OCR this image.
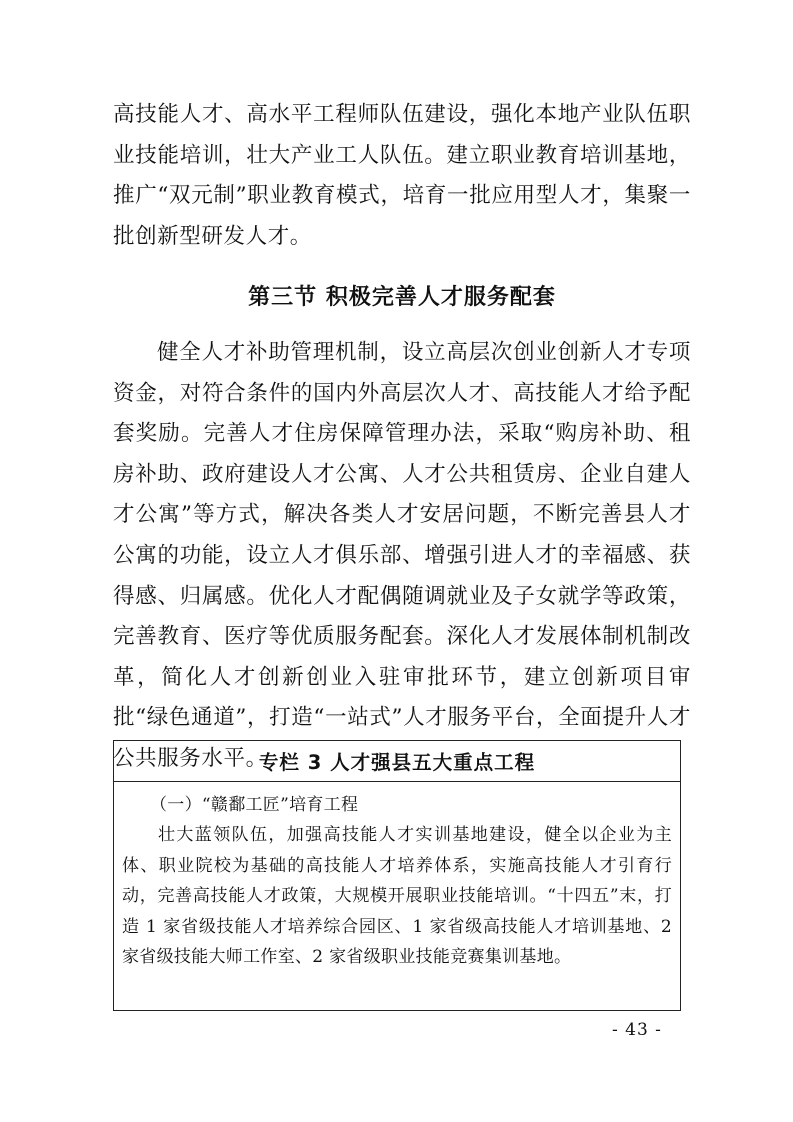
高技能人才、高水平工程师队伍建设，强化本地产业队伍职业技能培训，壮大产业工人队伍。建立职业教育培训基地，推广“双元制”职业教育模式，培育一批应用型人才，集聚一批创新型研发人才。

第三节 积极完善人才服务配套

健全人才补助管理机制，设立高层次创业创新人才专项资金，对符合条件的国内外高层次人才、高技能人才给予配套奖励。完善人才住房保障管理办法，采取“购房补助、租房补助、政府建设人才公寓、人才公共租赁房、企业自建人才公寓”等方式，解决各类人才安居问题，不断完善县人才公寓的功能，设立人才俱乐部、增强引进人才的幸福感、获得感、归属感。优化人才配偶随调就业及子女就学等政策，完善教育、医疗等优质服务配套。深化人才发展体制机制改革，简化人才创新创业入驻审批环节，建立创新项目审批“绿色通道”，打造“一站式”人才服务平台，全面提升人才公共服务水平。

专栏 3 人才强县五大重点工程

（一）“赣鄱工匠”培育工程

壮大蓝领队伍，加强高技能人才实训基地建设，健全以企业为主体、职业院校为基础的高技能人才培养体系，实施高技能人才引育行动，完善高技能人才政策，大规模开展职业技能培训。“十四五”末，打造 1 家省级技能人才培养综合园区、1 家省级高技能人才培训基地、2 家省级技能大师工作室、2 家省级职业技能竞赛集训基地。

- 43 -
